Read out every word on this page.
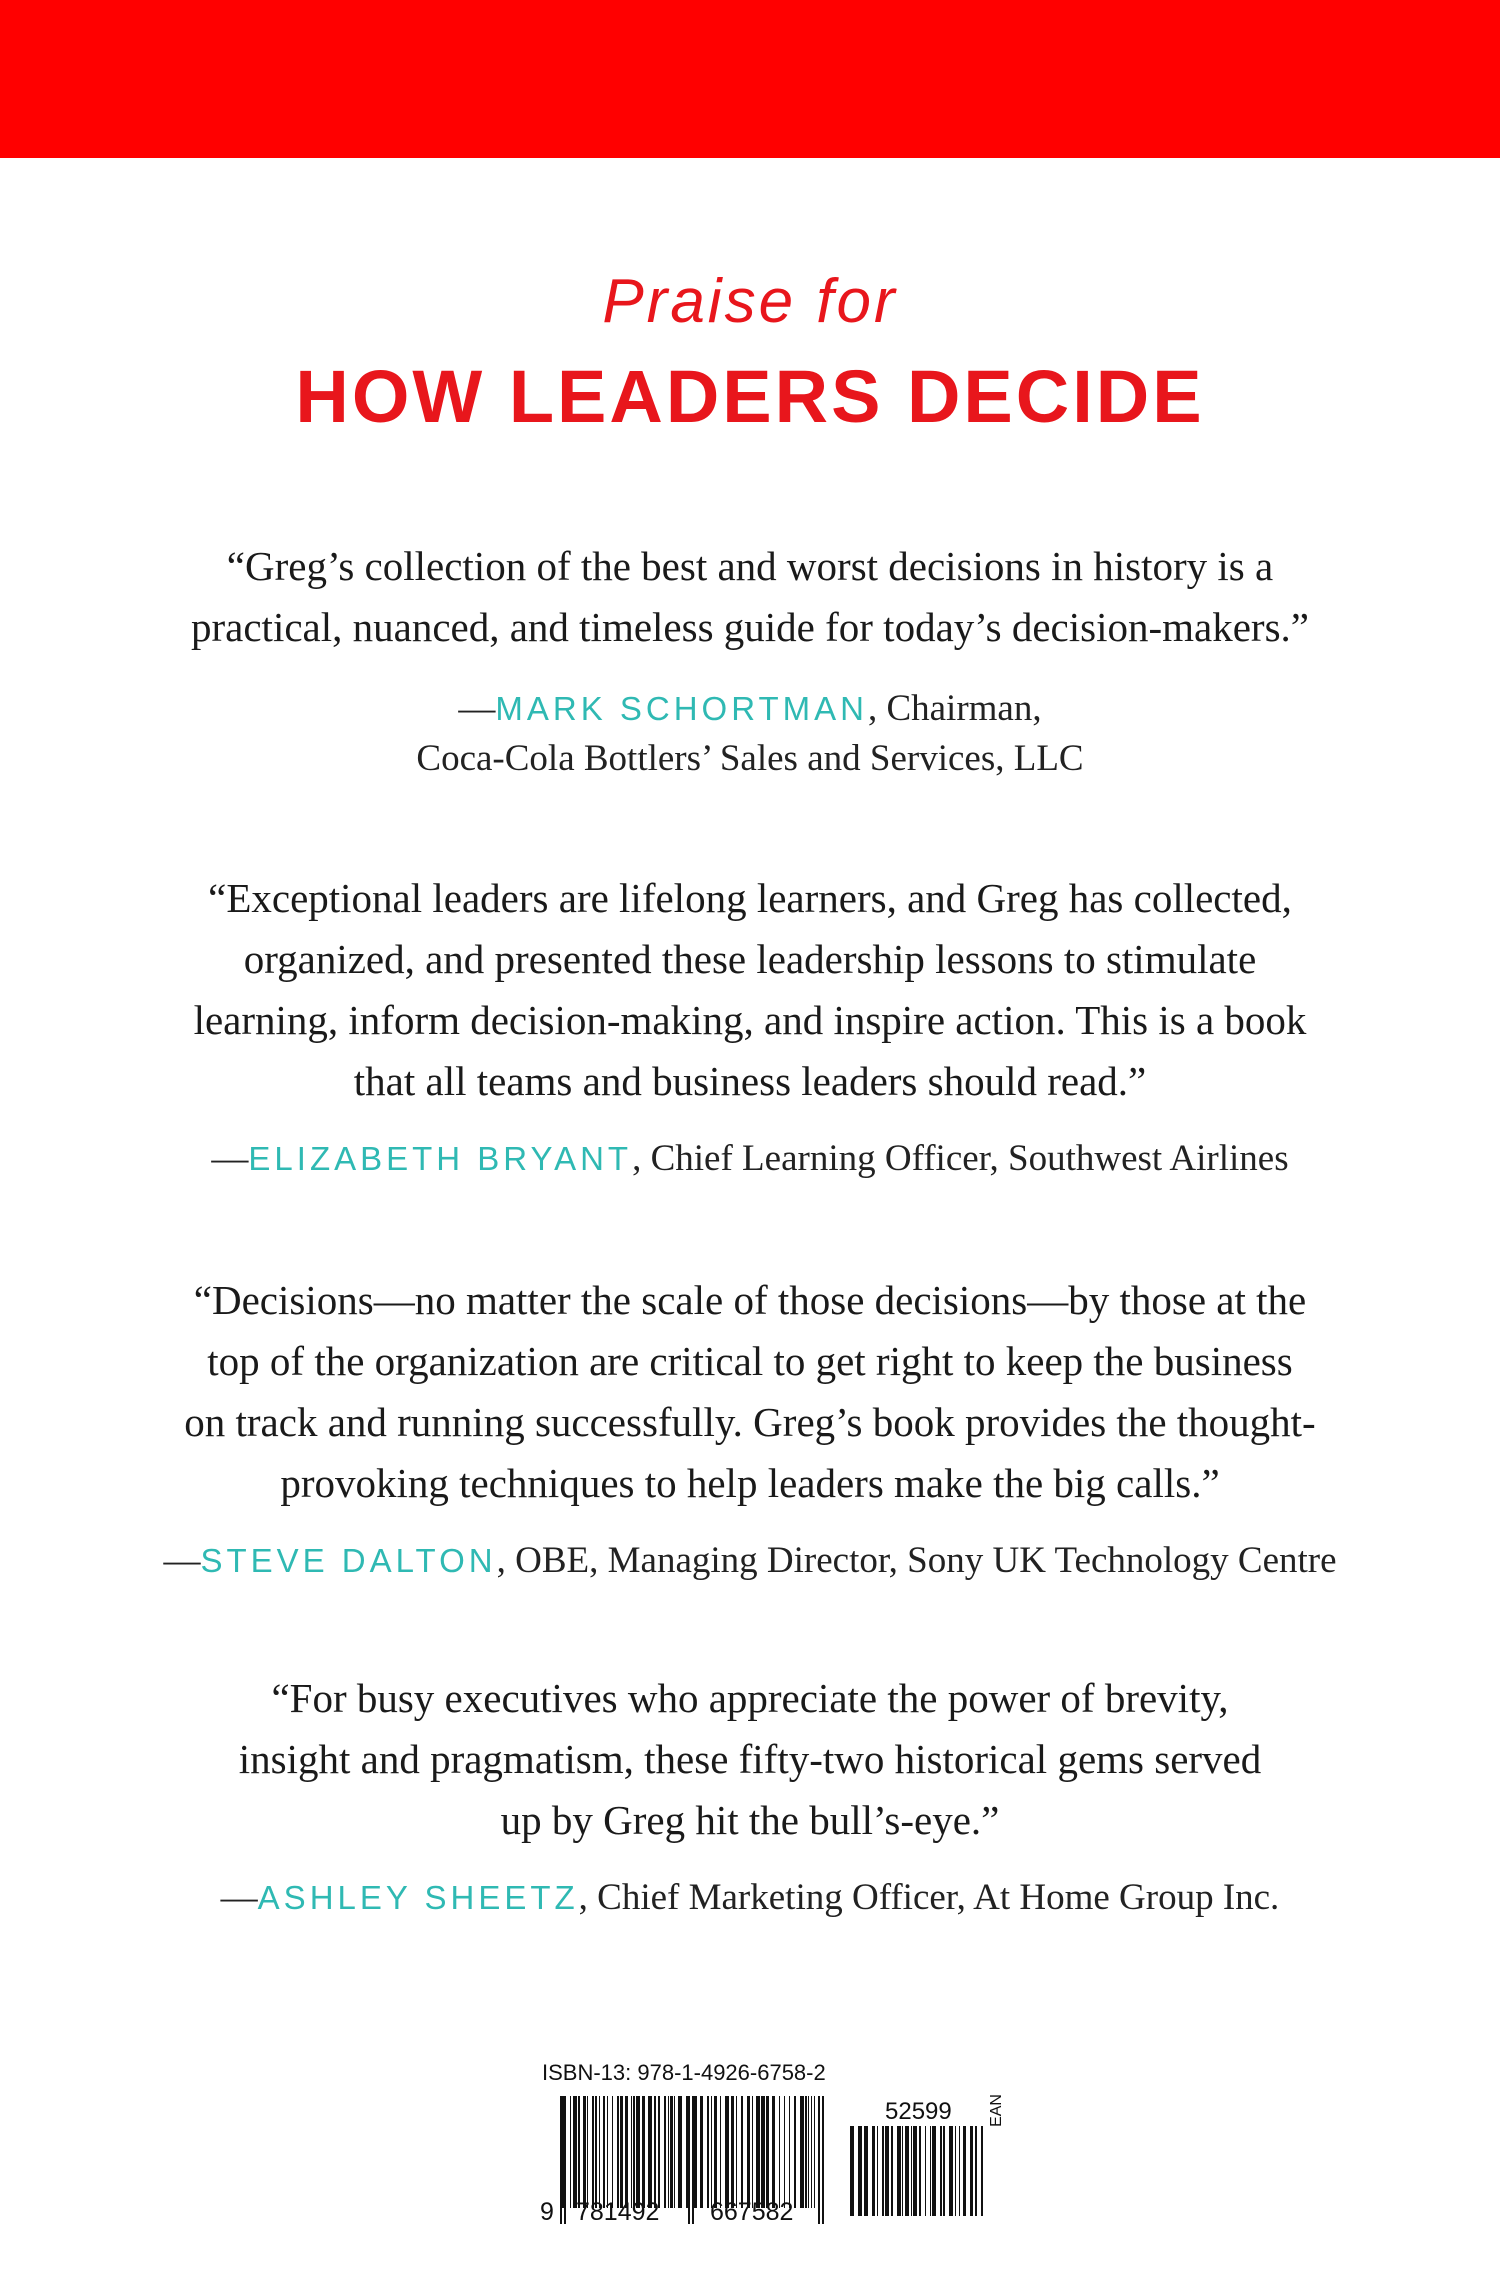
Praise for
HOW LEADERS DECIDE

“Greg’s collection of the best and worst decisions in history is a
practical, nuanced, and timeless guide for today’s decision-makers.”

—MARK SCHORTMAN, Chairman,
Coca-Cola Bottlers’ Sales and Services, LLC

“Exceptional leaders are lifelong learners, and Greg has collected,
organized, and presented these leadership lessons to stimulate
learning, inform decision-making, and inspire action. This is a book
that all teams and business leaders should read.”

—ELIZABETH BRYANT, Chief Learning Officer, Southwest Airlines

“Decisions—no matter the scale of those decisions—by those at the
top of the organization are critical to get right to keep the business
on track and running successfully. Greg’s book provides the thought-
provoking techniques to help leaders make the big calls.”

—STEVE DALTON, OBE, Managing Director, Sony UK Technology Centre

“For busy executives who appreciate the power of brevity,
insight and pragmatism, these fifty-two historical gems served
up by Greg hit the bull’s-eye.”

—ASHLEY SHEETZ, Chief Marketing Officer, At Home Group Inc.

ISBN-13: 978-1-4926-6758-2
52599 EAN
9 781492 667582
